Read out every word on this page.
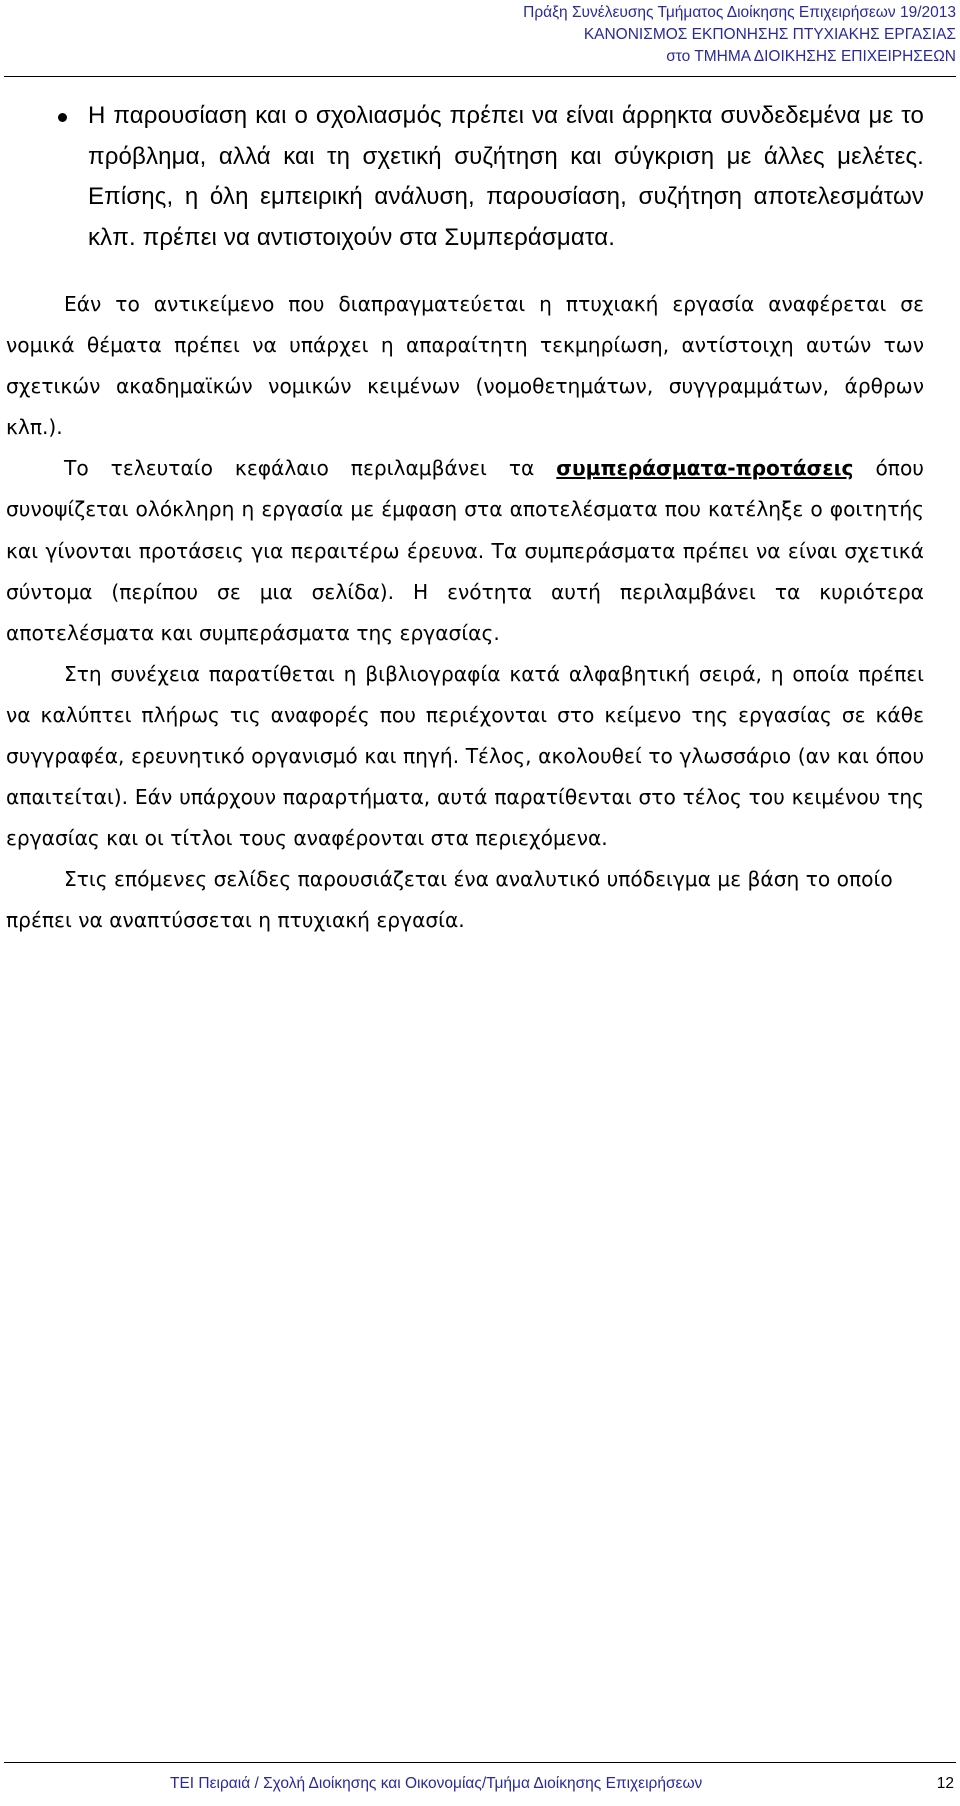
Πράξη Συνέλευσης Τμήματος Διοίκησης Επιχειρήσεων 19/2013
ΚΑΝΟΝΙΣΜΟΣ ΕΚΠΟΝΗΣΗΣ ΠΤΥΧΙΑΚΗΣ ΕΡΓΑΣΙΑΣ
στο ΤΜΗΜΑ ΔΙΟΙΚΗΣΗΣ ΕΠΙΧΕΙΡΗΣΕΩΝ
Η παρουσίαση και ο σχολιασμός πρέπει να είναι άρρηκτα συνδεδεμένα με το πρόβλημα, αλλά και τη σχετική συζήτηση και σύγκριση με άλλες μελέτες. Επίσης, η όλη εμπειρική ανάλυση, παρουσίαση, συζήτηση αποτελεσμάτων κλπ. πρέπει να αντιστοιχούν στα Συμπεράσματα.

Εάν το αντικείμενο που διαπραγματεύεται η πτυχιακή εργασία αναφέρεται σε νομικά θέματα πρέπει να υπάρχει η απαραίτητη τεκμηρίωση, αντίστοιχη αυτών των σχετικών ακαδημαϊκών νομικών κειμένων (νομοθετημάτων, συγγραμμάτων, άρθρων κλπ.).

Το τελευταίο κεφάλαιο περιλαμβάνει τα συμπεράσματα-προτάσεις όπου συνοψίζεται ολόκληρη η εργασία με έμφαση στα αποτελέσματα που κατέληξε ο φοιτητής και γίνονται προτάσεις για περαιτέρω έρευνα. Τα συμπεράσματα πρέπει να είναι σχετικά σύντομα (περίπου σε μια σελίδα). Η ενότητα αυτή περιλαμβάνει τα κυριότερα αποτελέσματα και συμπεράσματα της εργασίας.

Στη συνέχεια παρατίθεται η βιβλιογραφία κατά αλφαβητική σειρά, η οποία πρέπει να καλύπτει πλήρως τις αναφορές που περιέχονται στο κείμενο της εργασίας σε κάθε συγγραφέα, ερευνητικό οργανισμό και πηγή. Τέλος, ακολουθεί το γλωσσάριο (αν και όπου απαιτείται). Εάν υπάρχουν παραρτήματα, αυτά παρατίθενται στο τέλος του κειμένου της εργασίας και οι τίτλοι τους αναφέρονται στα περιεχόμενα.

Στις επόμενες σελίδες παρουσιάζεται ένα αναλυτικό υπόδειγμα με βάση το οποίο πρέπει να αναπτύσσεται η πτυχιακή εργασία.

ΤΕΙ Πειραιά / Σχολή Διοίκησης και Οικονομίας/Τμήμα Διοίκησης Επιχειρήσεων	12
